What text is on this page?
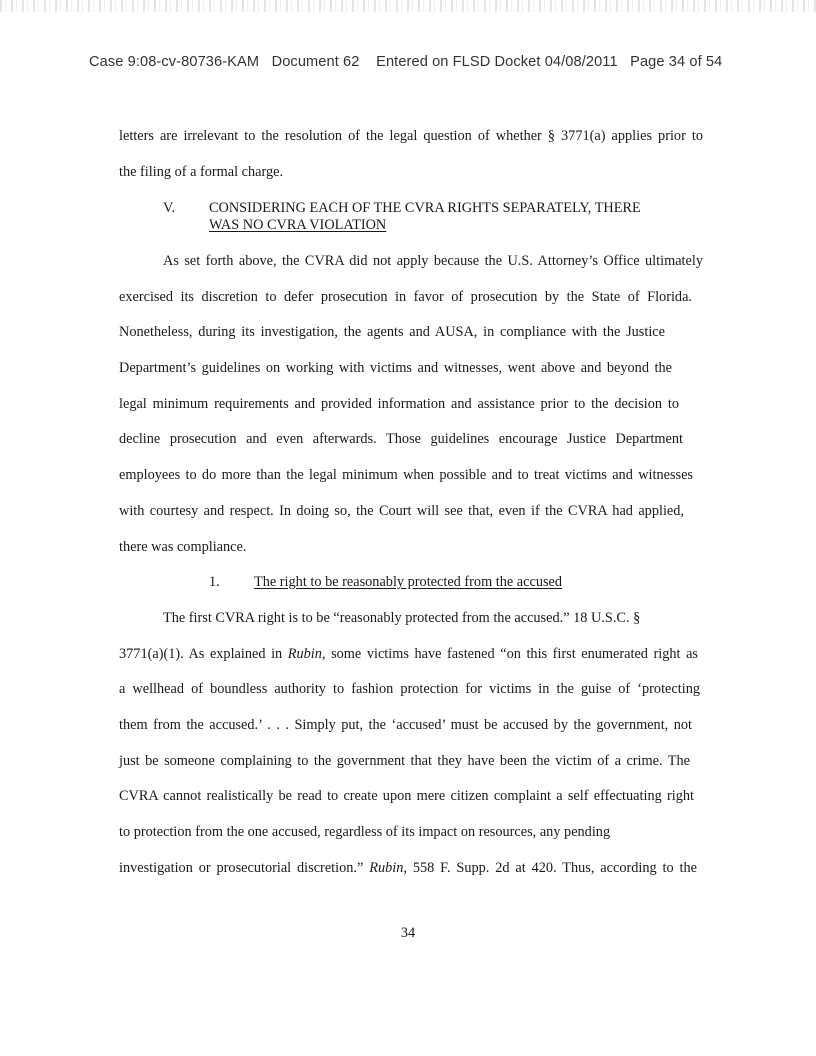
Case 9:08-cv-80736-KAM Document 62 Entered on FLSD Docket 04/08/2011 Page 34 of 54
letters are irrelevant to the resolution of the legal question of whether § 3771(a) applies prior to
the filing of a formal charge.
V. CONSIDERING EACH OF THE CVRA RIGHTS SEPARATELY, THERE
WAS NO CVRA VIOLATION
As set forth above, the CVRA did not apply because the U.S. Attorney’s Office ultimately
exercised its discretion to defer prosecution in favor of prosecution by the State of Florida.
Nonetheless, during its investigation, the agents and AUSA, in compliance with the Justice
Department’s guidelines on working with victims and witnesses, went above and beyond the
legal minimum requirements and provided information and assistance prior to the decision to
decline prosecution and even afterwards. Those guidelines encourage Justice Department
employees to do more than the legal minimum when possible and to treat victims and witnesses
with courtesy and respect. In doing so, the Court will see that, even if the CVRA had applied,
there was compliance.
1. The right to be reasonably protected from the accused
The first CVRA right is to be “reasonably protected from the accused.” 18 U.S.C. §
3771(a)(1). As explained in Rubin, some victims have fastened “on this first enumerated right as
a wellhead of boundless authority to fashion protection for victims in the guise of ‘protecting
them from the accused.’ . . . Simply put, the ‘accused’ must be accused by the government, not
just be someone complaining to the government that they have been the victim of a crime. The
CVRA cannot realistically be read to create upon mere citizen complaint a self effectuating right
to protection from the one accused, regardless of its impact on resources, any pending
investigation or prosecutorial discretion.” Rubin, 558 F. Supp. 2d at 420. Thus, according to the
34
